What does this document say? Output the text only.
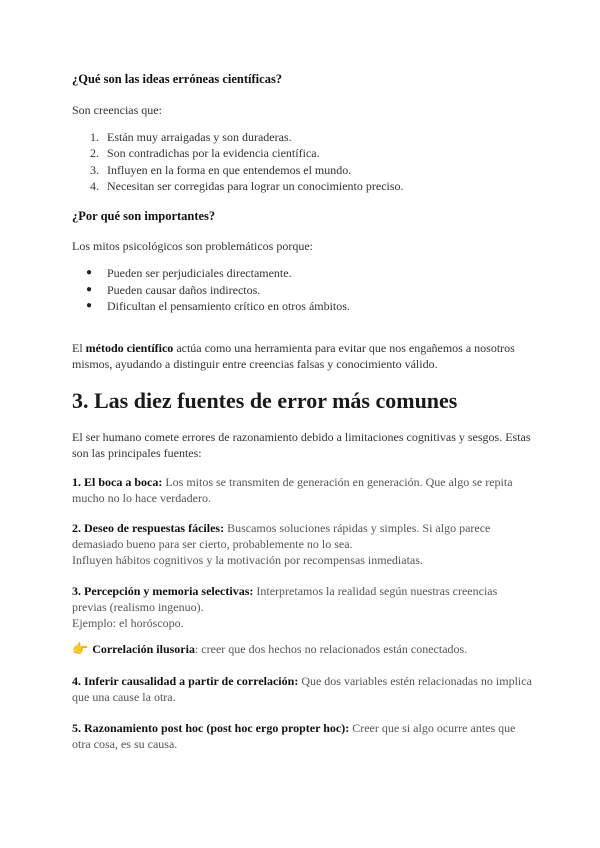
¿Qué son las ideas erróneas científicas?
Son creencias que:
1. Están muy arraigadas y son duraderas.
2. Son contradichas por la evidencia científica.
3. Influyen en la forma en que entendemos el mundo.
4. Necesitan ser corregidas para lograr un conocimiento preciso.
¿Por qué son importantes?
Los mitos psicológicos son problemáticos porque:
●	Pueden ser perjudiciales directamente.
●	Pueden causar daños indirectos.
●	Dificultan el pensamiento crítico en otros ámbitos.
El método científico actúa como una herramienta para evitar que nos engañemos a nosotros mismos, ayudando a distinguir entre creencias falsas y conocimiento válido.
3. Las diez fuentes de error más comunes
El ser humano comete errores de razonamiento debido a limitaciones cognitivas y sesgos. Estas son las principales fuentes:
1. El boca a boca: Los mitos se transmiten de generación en generación. Que algo se repita mucho no lo hace verdadero.
2. Deseo de respuestas fáciles: Buscamos soluciones rápidas y simples. Si algo parece demasiado bueno para ser cierto, probablemente no lo sea.
Influyen hábitos cognitivos y la motivación por recompensas inmediatas.
3. Percepción y memoria selectivas: Interpretamos la realidad según nuestras creencias previas (realismo ingenuo).
Ejemplo: el horóscopo.
👉 Correlación ilusoria: creer que dos hechos no relacionados están conectados.
4. Inferir causalidad a partir de correlación: Que dos variables estén relacionadas no implica que una cause la otra.
5. Razonamiento post hoc (post hoc ergo propter hoc): Creer que si algo ocurre antes que otra cosa, es su causa.
